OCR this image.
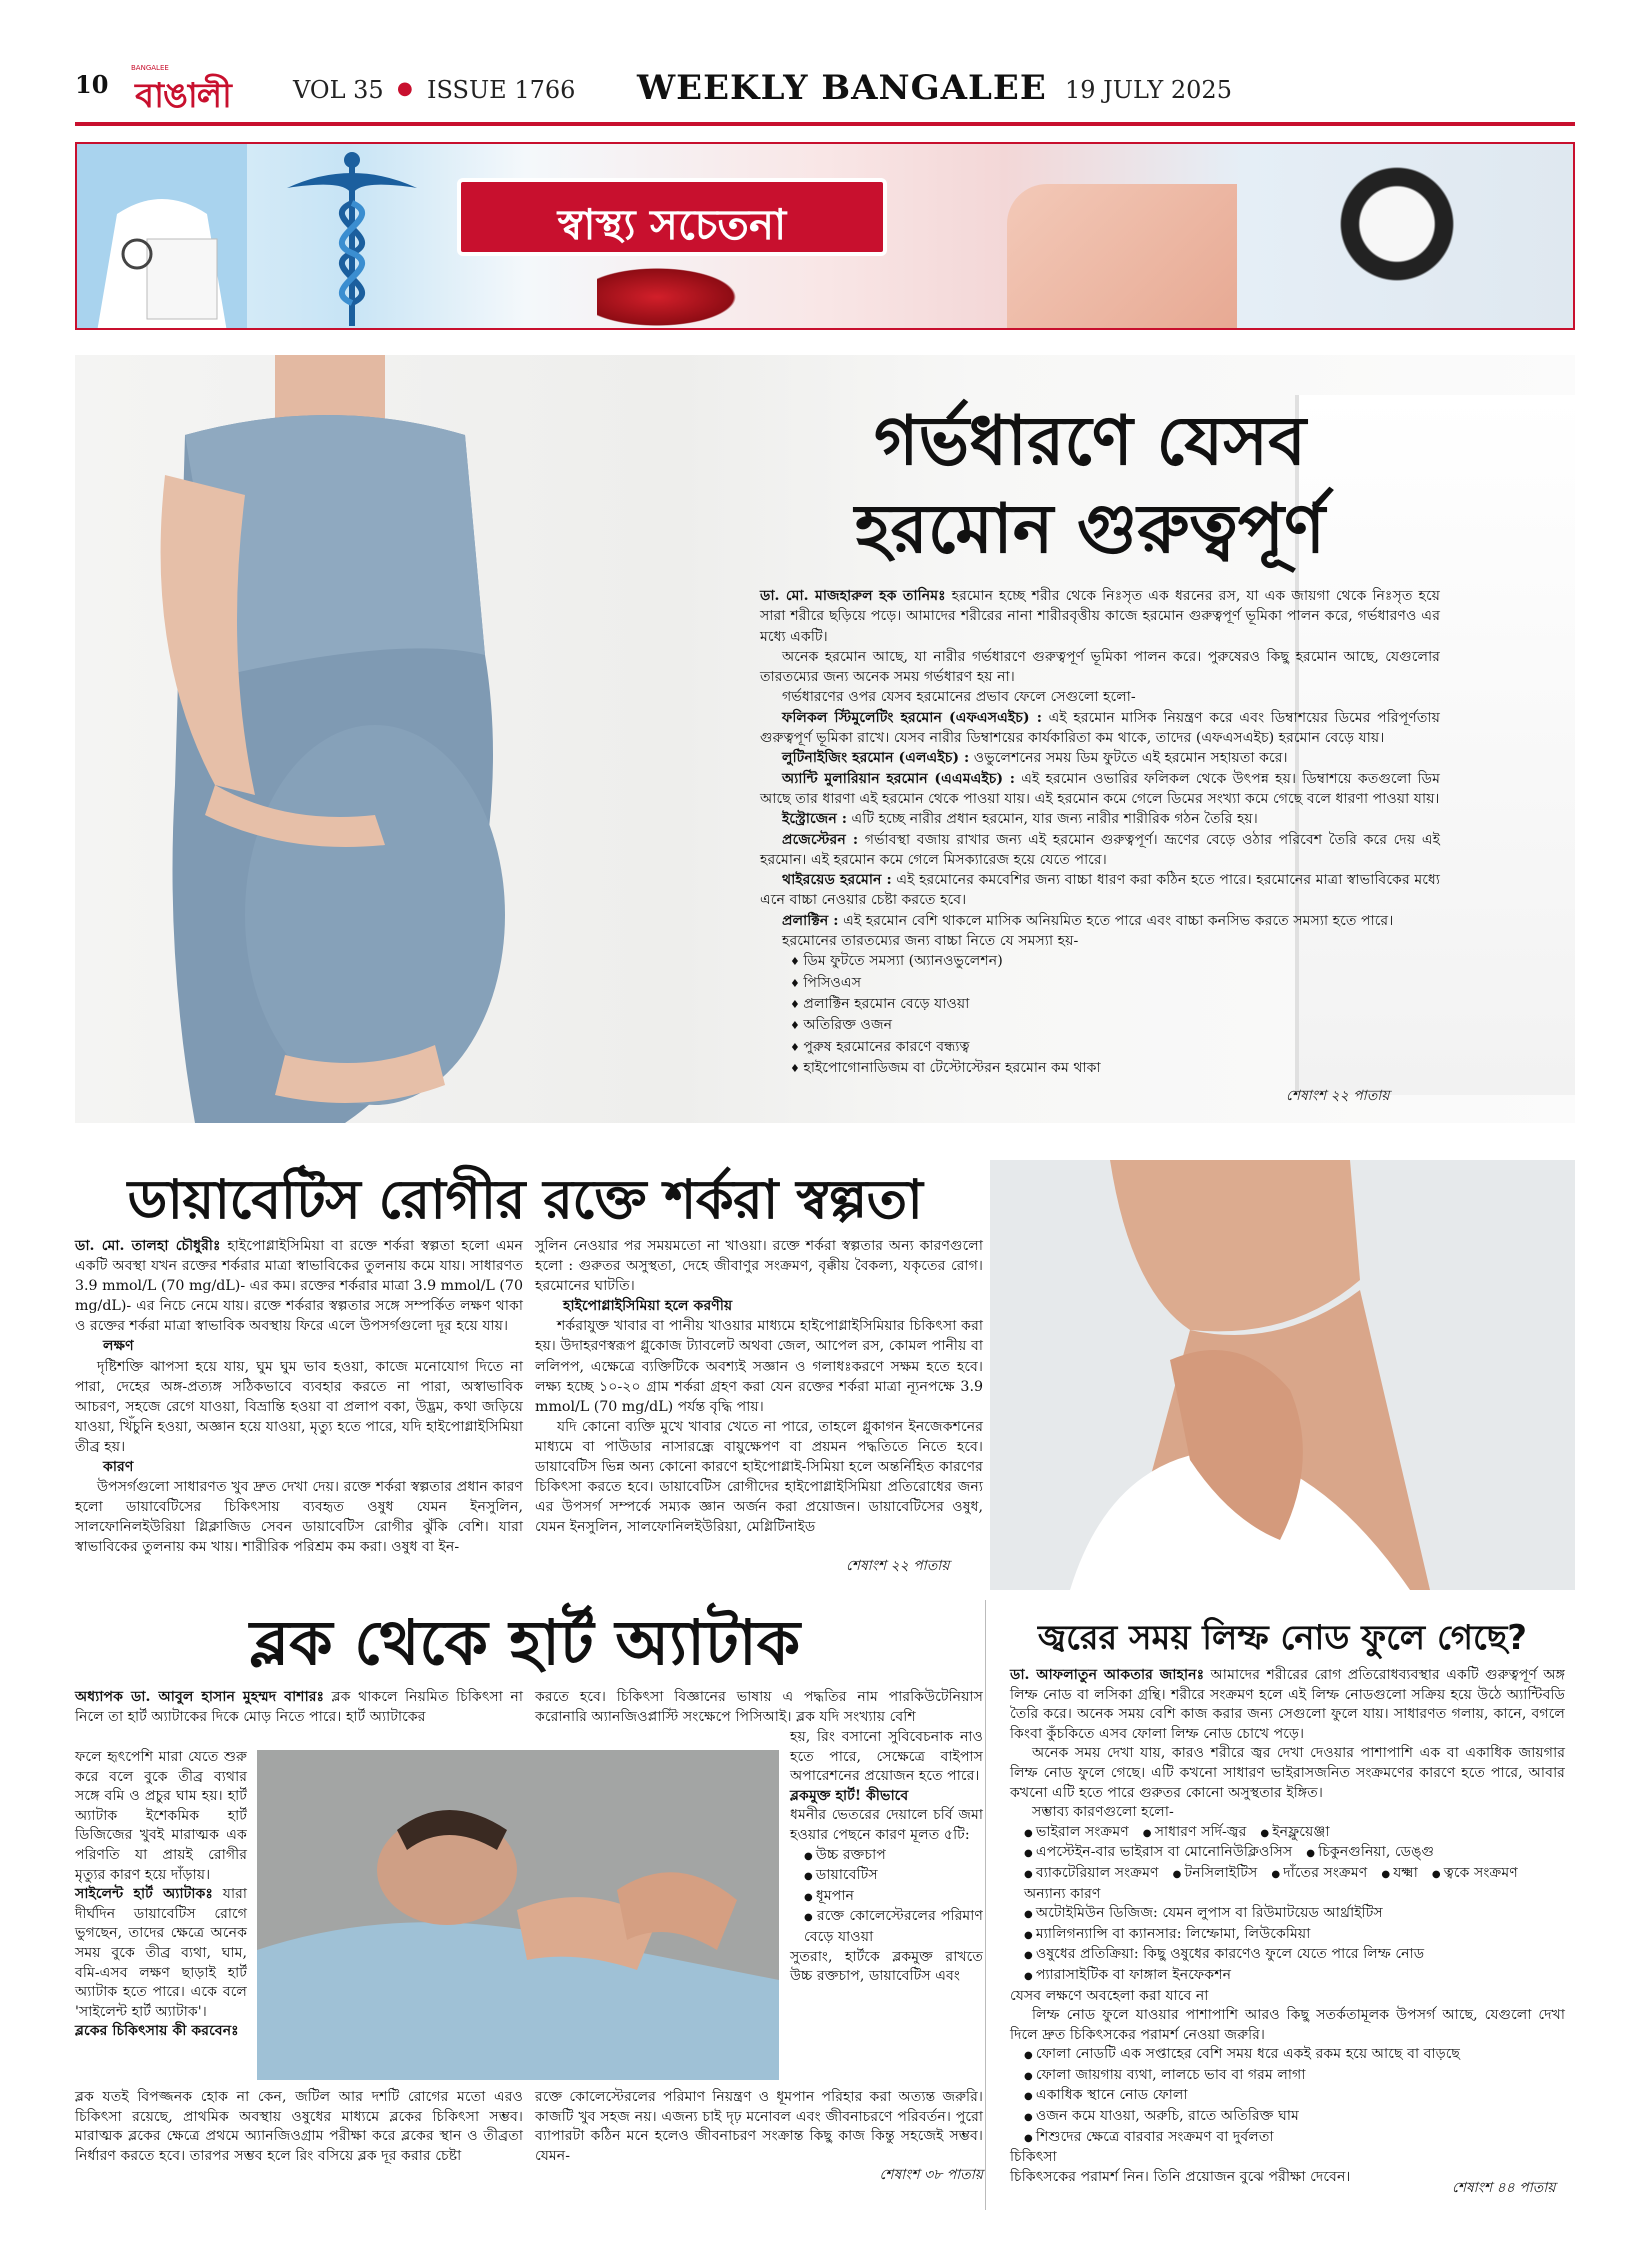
10
BANGALEE
বাঙালী	VOL 35 ● ISSUE 1766 WEEKLY BANGALEE 19 JULY 2025
স্বাস্থ্য সচেতনা
গর্ভধারণে যেসব
হরমোন গুরুত্বপূর্ণ

ডা. মো. মাজহারুল হক তানিমঃ হরমোন হচ্ছে শরীর থেকে নিঃসৃত এক ধরনের রস, যা এক জায়গা থেকে নিঃসৃত হয়ে সারা শরীরে ছড়িয়ে পড়ে। আমাদের শরীরের নানা শারীরবৃত্তীয় কাজে হরমোন গুরুত্বপূর্ণ ভূমিকা পালন করে, গর্ভধারণও এর মধ্যে একটি।

অনেক হরমোন আছে, যা নারীর গর্ভধারণে গুরুত্বপূর্ণ ভূমিকা পালন করে। পুরুষেরও কিছু হরমোন আছে, যেগুলোর তারতম্যের জন্য অনেক সময় গর্ভধারণ হয় না।

গর্ভধারণের ওপর যেসব হরমোনের প্রভাব ফেলে সেগুলো হলো-

ফলিকল স্টিমুলেটিং হরমোন (এফএসএইচ) : এই হরমোন মাসিক নিয়ন্ত্রণ করে এবং ডিম্বাশয়ের ডিমের পরিপূর্ণতায় গুরুত্বপূর্ণ ভূমিকা রাখে। যেসব নারীর ডিম্বাশয়ের কার্যকারিতা কম থাকে, তাদের (এফএসএইচ) হরমোন বেড়ে যায়।

লুটিনাইজিং হরমোন (এলএইচ) : ওভুলেশনের সময় ডিম ফুটতে এই হরমোন সহায়তা করে।

অ্যান্টি মুলারিয়ান হরমোন (এএমএইচ) : এই হরমোন ওভারির ফলিকল থেকে উৎপন্ন হয়। ডিম্বাশয়ে কতগুলো ডিম আছে তার ধারণা এই হরমোন থেকে পাওয়া যায়। এই হরমোন কমে গেলে ডিমের সংখ্যা কমে গেছে বলে ধারণা পাওয়া যায়।

ইস্ট্রোজেন : এটি হচ্ছে নারীর প্রধান হরমোন, যার জন্য নারীর শারীরিক গঠন তৈরি হয়।

প্রজেস্টেরন : গর্ভাবস্থা বজায় রাখার জন্য এই হরমোন গুরুত্বপূর্ণ। ভ্রূণের বেড়ে ওঠার পরিবেশ তৈরি করে দেয় এই হরমোন। এই হরমোন কমে গেলে মিসক্যারেজ হয়ে যেতে পারে।

থাইরয়েড হরমোন : এই হরমোনের কমবেশির জন্য বাচ্চা ধারণ করা কঠিন হতে পারে। হরমোনের মাত্রা স্বাভাবিকের মধ্যে এনে বাচ্চা নেওয়ার চেষ্টা করতে হবে।

প্রলাক্টিন : এই হরমোন বেশি থাকলে মাসিক অনিয়মিত হতে পারে এবং বাচ্চা কনসিভ করতে সমস্যা হতে পারে।

হরমোনের তারতম্যের জন্য বাচ্চা নিতে যে সমস্যা হয়-

♦ ডিম ফুটতে সমস্যা (অ্যানওভুলেশন)
♦ পিসিওএস
♦ প্রলাক্টিন হরমোন বেড়ে যাওয়া
♦ অতিরিক্ত ওজন
♦ পুরুষ হরমোনের কারণে বন্ধ্যত্ব
♦ হাইপোগোনাডিজম বা টেস্টোস্টেরন হরমোন কম থাকা
শেষাংশ ২২ পাতায়
ডায়াবেটিস রোগীর রক্তে শর্করা স্বল্পতা

ডা. মো. তালহা চৌধুরীঃ হাইপোগ্লাইসিমিয়া বা রক্তে শর্করা স্বল্পতা হলো এমন একটি অবস্থা যখন রক্তের শর্করার মাত্রা স্বাভাবিকের তুলনায় কমে যায়। সাধারণত 3.9 mmol/L (70 mg/dL)- এর কম। রক্তের শর্করার মাত্রা 3.9 mmol/L (70 mg/dL)- এর নিচে নেমে যায়। রক্তে শর্করার স্বল্পতার সঙ্গে সম্পর্কিত লক্ষণ থাকা ও রক্তের শর্করা মাত্রা স্বাভাবিক অবস্থায় ফিরে এলে উপসর্গগুলো দূর হয়ে যায়।

লক্ষণ

দৃষ্টিশক্তি ঝাপসা হয়ে যায়, ঘুম ঘুম ভাব হওয়া, কাজে মনোযোগ দিতে না পারা, দেহের অঙ্গ-প্রত্যঙ্গ সঠিকভাবে ব্যবহার করতে না পারা, অস্বাভাবিক আচরণ, সহজে রেগে যাওয়া, বিভ্রান্তি হওয়া বা প্রলাপ বকা, উদ্ভ্রম, কথা জড়িয়ে যাওয়া, খিঁচুনি হওয়া, অজ্ঞান হয়ে যাওয়া, মৃত্যু হতে পারে, যদি হাইপোগ্লাইসিমিয়া তীব্র হয়।

কারণ

উপসর্গগুলো সাধারণত খুব দ্রুত দেখা দেয়। রক্তে শর্করা স্বল্পতার প্রধান কারণ হলো ডায়াবেটিসের চিকিৎসায় ব্যবহৃত ওষুধ যেমন ইনসুলিন, সালফোনিলইউরিয়া গ্লিক্লাজিড সেবন ডায়াবেটিস রোগীর ঝুঁকি বেশি। যারা স্বাভাবিকের তুলনায় কম খায়। শারীরিক পরিশ্রম কম করা। ওষুধ বা ইন-

সুলিন নেওয়ার পর সময়মতো না খাওয়া। রক্তে শর্করা স্বল্পতার অন্য কারণগুলো হলো : গুরুতর অসুস্থতা, দেহে জীবাণুর সংক্রমণ, বৃক্কীয় বৈকল্য, যকৃতের রোগ। হরমোনের ঘাটতি।

হাইপোগ্লাইসিমিয়া হলে করণীয়

শর্করাযুক্ত খাবার বা পানীয় খাওয়ার মাধ্যমে হাইপোগ্লাইসিমিয়ার চিকিৎসা করা হয়। উদাহরণস্বরূপ গ্লুকোজ ট্যাবলেট অথবা জেল, আপেল রস, কোমল পানীয় বা ললিপপ, এক্ষেত্রে ব্যক্তিটিকে অবশ্যই সজ্ঞান ও গলাধঃকরণে সক্ষম হতে হবে। লক্ষ্য হচ্ছে ১০-২০ গ্রাম শর্করা গ্রহণ করা যেন রক্তের শর্করা মাত্রা ন্যূনপক্ষে 3.9 mmol/L (70 mg/dL) পর্যন্ত বৃদ্ধি পায়।

যদি কোনো ব্যক্তি মুখে খাবার খেতে না পারে, তাহলে গ্লুকাগন ইনজেকশনের মাধ্যমে বা পাউডার নাসারন্ধ্রে বায়ুক্ষেপণ বা প্রয়মন পদ্ধতিতে নিতে হবে। ডায়াবেটিস ভিন্ন অন্য কোনো কারণে হাইপোগ্লাই-সিমিয়া হলে অন্তর্নিহিত কারণের চিকিৎসা করতে হবে। ডায়াবেটিস রোগীদের হাইপোগ্লাইসিমিয়া প্রতিরোধের জন্য এর উপসর্গ সম্পর্কে সম্যক জ্ঞান অর্জন করা প্রয়োজন। ডায়াবেটিসের ওষুধ, যেমন ইনসুলিন, সালফোনিলইউরিয়া, মেগ্লিটিনাইড

শেষাংশ ২২ পাতায়
ব্লক থেকে হার্ট অ্যাটাক

অধ্যাপক ডা. আবুল হাসান মুহম্মদ বাশারঃ ব্লক থাকলে নিয়মিত চিকিৎসা না নিলে তা হার্ট অ্যাটাকের দিকে মোড় নিতে পারে। হার্ট অ্যাটাকের

করতে হবে। চিকিৎসা বিজ্ঞানের ভাষায় এ পদ্ধতির নাম পারকিউটেনিয়াস করোনারি অ্যানজিওপ্লাস্টি সংক্ষেপে পিসিআই। ব্লক যদি সংখ্যায় বেশি

ফলে হৃৎপেশি মারা যেতে শুরু করে বলে বুকে তীব্র ব্যথার সঙ্গে বমি ও প্রচুর ঘাম হয়। হার্ট অ্যাটাক ইশেকমিক হার্ট ডিজিজের খুবই মারাত্মক এক পরিণতি যা প্রায়ই রোগীর মৃত্যুর কারণ হয়ে দাঁড়ায়।

সাইলেন্ট হার্ট অ্যাটাকঃ যারা দীর্ঘদিন ডায়াবেটিস রোগে ভুগছেন, তাদের ক্ষেত্রে অনেক সময় বুকে তীব্র ব্যথা, ঘাম, বমি-এসব লক্ষণ ছাড়াই হার্ট অ্যাটাক হতে পারে। একে বলে 'সাইলেন্ট হার্ট অ্যাটাক'।

ব্লকের চিকিৎসায় কী করবেনঃ

হয়, রিং বসানো সুবিবেচনাক নাও হতে পারে, সেক্ষেত্রে বাইপাস অপারেশনের প্রয়োজন হতে পারে।

ব্লকমুক্ত হার্ট! কীভাবে

ধমনীর ভেতরের দেয়ালে চর্বি জমা হওয়ার পেছনে কারণ মূলত ৫টি:

● উচ্চ রক্তচাপ
● ডায়াবেটিস
● ধূমপান
● রক্তে কোলেস্টেরলের পরিমাণ বেড়ে যাওয়া

সুতরাং, হার্টকে ব্লকমুক্ত রাখতে উচ্চ রক্তচাপ, ডায়াবেটিস এবং

ব্লক যতই বিপজ্জনক হোক না কেন, জটিল আর দশটি রোগের মতো এরও চিকিৎসা রয়েছে, প্রাথমিক অবস্থায় ওষুধের মাধ্যমে ব্লকের চিকিৎসা সম্ভব। মারাত্মক ব্লকের ক্ষেত্রে প্রথমে অ্যানজিওগ্রাম পরীক্ষা করে ব্লকের স্থান ও তীব্রতা নির্ধারণ করতে হবে। তারপর সম্ভব হলে রিং বসিয়ে ব্লক দূর করার চেষ্টা

রক্তে কোলেস্টেরলের পরিমাণ নিয়ন্ত্রণ ও ধূমপান পরিহার করা অত্যন্ত জরুরি। কাজটি খুব সহজ নয়। এজন্য চাই দৃঢ় মনোবল এবং জীবনাচরণে পরিবর্তন। পুরো ব্যাপারটা কঠিন মনে হলেও জীবনাচরণ সংক্রান্ত কিছু কাজ কিন্তু সহজেই সম্ভব। যেমন-

শেষাংশ ৩৮ পাতায়

জ্বরের সময় লিম্ফ নোড ফুলে গেছে?

ডা. আফলাতুন আকতার জাহানঃ আমাদের শরীরের রোগ প্রতিরোধব্যবস্থার একটি গুরুত্বপূর্ণ অঙ্গ লিম্ফ নোড বা লসিকা গ্রন্থি। শরীরে সংক্রমণ হলে এই লিম্ফ নোডগুলো সক্রিয় হয়ে উঠে অ্যান্টিবডি তৈরি করে। অনেক সময় বেশি কাজ করার জন্য সেগুলো ফুলে যায়। সাধারণত গলায়, কানে, বগলে কিংবা কুঁচকিতে এসব ফোলা লিম্ফ নোড চোখে পড়ে।

অনেক সময় দেখা যায়, কারও শরীরে জ্বর দেখা দেওয়ার পাশাপাশি এক বা একাধিক জায়গার লিম্ফ নোড ফুলে গেছে। এটি কখনো সাধারণ ভাইরাসজনিত সংক্রমণের কারণে হতে পারে, আবার কখনো এটি হতে পারে গুরুতর কোনো অসুস্থতার ইঙ্গিত।

সম্ভাব্য কারণগুলো হলো-

● ভাইরাল সংক্রমণ ● সাধারণ সর্দি-জ্বর ● ইনফ্লুয়েঞ্জা
● এপস্টেইন-বার ভাইরাস বা মোনোনিউক্লিওসিস ● চিকুনগুনিয়া, ডেঙ্গু
● ব্যাকটেরিয়াল সংক্রমণ ● টনসিলাইটিস ● দাঁতের সংক্রমণ ● যক্ষ্মা ● ত্বকে সংক্রমণ

অন্যান্য কারণ

● অটোইমিউন ডিজিজ: যেমন লুপাস বা রিউমাটয়েড আর্থ্রাইটিস
● ম্যালিগন্যান্সি বা ক্যানসার: লিম্ফোমা, লিউকেমিয়া
● ওষুধের প্রতিক্রিয়া: কিছু ওষুধের কারণেও ফুলে যেতে পারে লিম্ফ নোড
● প্যারাসাইটিক বা ফাঙ্গাল ইনফেকশন

যেসব লক্ষণে অবহেলা করা যাবে না

লিম্ফ নোড ফুলে যাওয়ার পাশাপাশি আরও কিছু সতর্কতামূলক উপসর্গ আছে, যেগুলো দেখা দিলে দ্রুত চিকিৎসকের পরামর্শ নেওয়া জরুরি।

● ফোলা নোডটি এক সপ্তাহের বেশি সময় ধরে একই রকম হয়ে আছে বা বাড়ছে
● ফোলা জায়গায় ব্যথা, লালচে ভাব বা গরম লাগা
● একাধিক স্থানে নোড ফোলা
● ওজন কমে যাওয়া, অরুচি, রাতে অতিরিক্ত ঘাম
● শিশুদের ক্ষেত্রে বারবার সংক্রমণ বা দুর্বলতা

চিকিৎসা

চিকিৎসকের পরামর্শ নিন। তিনি প্রয়োজন বুঝে পরীক্ষা দেবেন।

শেষাংশ ৪৪ পাতায়
